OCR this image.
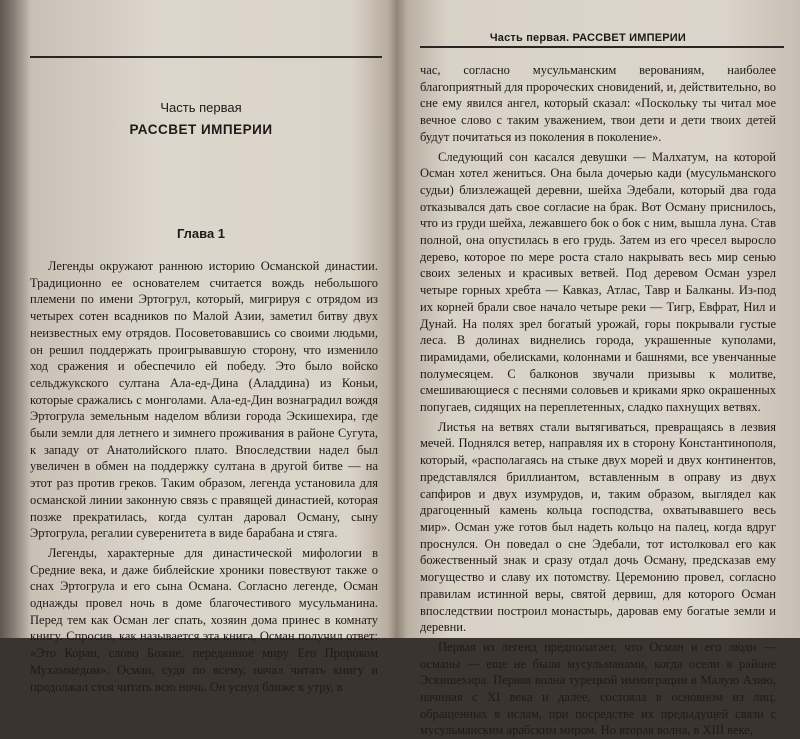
Часть первая
РАССВЕТ ИМПЕРИИ
Глава 1

Легенды окружают раннюю историю Османской династии. Традиционно ее основателем считается вождь небольшого племени по имени Эртогрул, который, мигрируя с отрядом из четырех сотен всадников по Малой Азии, заметил битву двух неизвестных ему отрядов. Посоветовавшись со своими людьми, он решил поддержать проигрывавшую сторону, что изменило ход сражения и обеспечило ей победу. Это было войско сельджукского султана Ала-ед-Дина (Аладдина) из Коньи, которые сражались с монголами. Ала-ед-Дин вознаградил вождя Эртогрула земельным наделом вблизи города Эскишехира, где были земли для летнего и зимнего проживания в районе Сугута, к западу от Анатолийского плато. Впоследствии надел был увеличен в обмен на поддержку султана в другой битве — на этот раз против греков. Таким образом, легенда установила для османской линии законную связь с правящей династией, которая позже прекратилась, когда султан даровал Осману, сыну Эртогрула, регалии суверенитета в виде барабана и стяга.

Легенды, характерные для династической мифологии в Средние века, и даже библейские хроники повествуют также о снах Эртогрула и его сына Османа. Согласно легенде, Осман однажды провел ночь в доме благочестивого мусульманина. Перед тем как Осман лег спать, хозяин дома принес в комнату книгу. Спросив, как называется эта книга, Осман получил ответ: «Это Коран, слово Божие, переданное миру Его Пророком Мухаммедом». Осман, судя по всему, начал читать книгу и продолжал стоя читать всю ночь. Он уснул ближе к утру, в

Часть первая. РАССВЕТ ИМПЕРИИ

час, согласно мусульманским верованиям, наиболее благоприятный для пророческих сновидений, и, действительно, во сне ему явился ангел, который сказал: «Поскольку ты читал мое вечное слово с таким уважением, твои дети и дети твоих детей будут почитаться из поколения в поколение».

Следующий сон касался девушки — Малхатум, на которой Осман хотел жениться. Она была дочерью кади (мусульманского судьи) близлежащей деревни, шейха Эдебали, который два года отказывался дать свое согласие на брак. Вот Осману приснилось, что из груди шейха, лежавшего бок о бок с ним, вышла луна. Став полной, она опустилась в его грудь. Затем из его чресел выросло дерево, которое по мере роста стало накрывать весь мир сенью своих зеленых и красивых ветвей. Под деревом Осман узрел четыре горных хребта — Кавказ, Атлас, Тавр и Балканы. Из-под их корней брали свое начало четыре реки — Тигр, Евфрат, Нил и Дунай. На полях зрел богатый урожай, горы покрывали густые леса. В долинах виднелись города, украшенные куполами, пирамидами, обелисками, колоннами и башнями, все увенчанные полумесяцем. С балконов звучали призывы к молитве, смешивающиеся с песнями соловьев и криками ярко окрашенных попугаев, сидящих на переплетенных, сладко пахнущих ветвях.

Листья на ветвях стали вытягиваться, превращаясь в лезвия мечей. Поднялся ветер, направляя их в сторону Константинополя, который, «располагаясь на стыке двух морей и двух континентов, представлялся бриллиантом, вставленным в оправу из двух сапфиров и двух изумрудов, и, таким образом, выглядел как драгоценный камень кольца господства, охватывавшего весь мир». Осман уже готов был надеть кольцо на палец, когда вдруг проснулся. Он поведал о сне Эдебали, тот истолковал его как божественный знак и сразу отдал дочь Осману, предсказав ему могущество и славу их потомству. Церемонию провел, согласно правилам истинной веры, святой дервиш, для которого Осман впоследствии построил монастырь, даровав ему богатые земли и деревни.

Первая из легенд предполагает, что Осман и его люди — османы — еще не были мусульманами, когда осели в районе Эскишехира. Первая волна турецкой иммиграции в Малую Азию, начиная с XI века и далее, состояла в основном из лиц, обращенных в ислам, при посредстве их предыдущей связи с мусульманским арабским миром. Но вторая волна, в XIII веке,
